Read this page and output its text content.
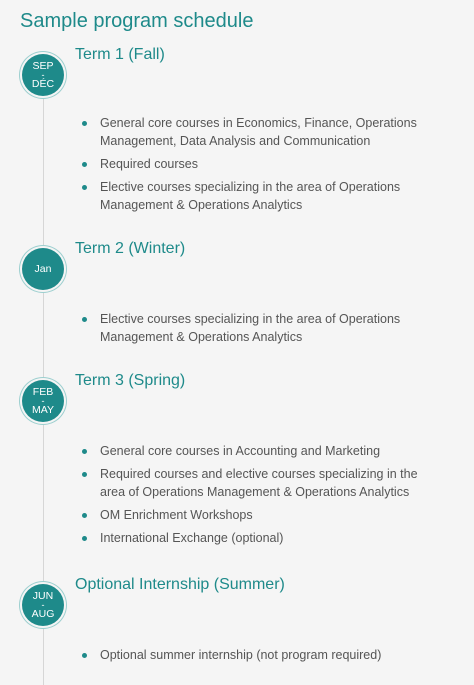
Sample program schedule
SEP
-
DÉC
Term 1 (Fall)
General core courses in Economics, Finance, Operations Management, Data Analysis and Communication
Required courses
Elective courses specializing in the area of Operations Management & Operations Analytics
Jan
Term 2 (Winter)
Elective courses specializing in the area of Operations Management & Operations Analytics
FEB
-
MAY
Term 3 (Spring)
General core courses in Accounting and Marketing
Required courses and elective courses specializing in the area of Operations Management & Operations Analytics
OM Enrichment Workshops
International Exchange (optional)
JUN
-
AUG
Optional Internship (Summer)
Optional summer internship (not program required)
